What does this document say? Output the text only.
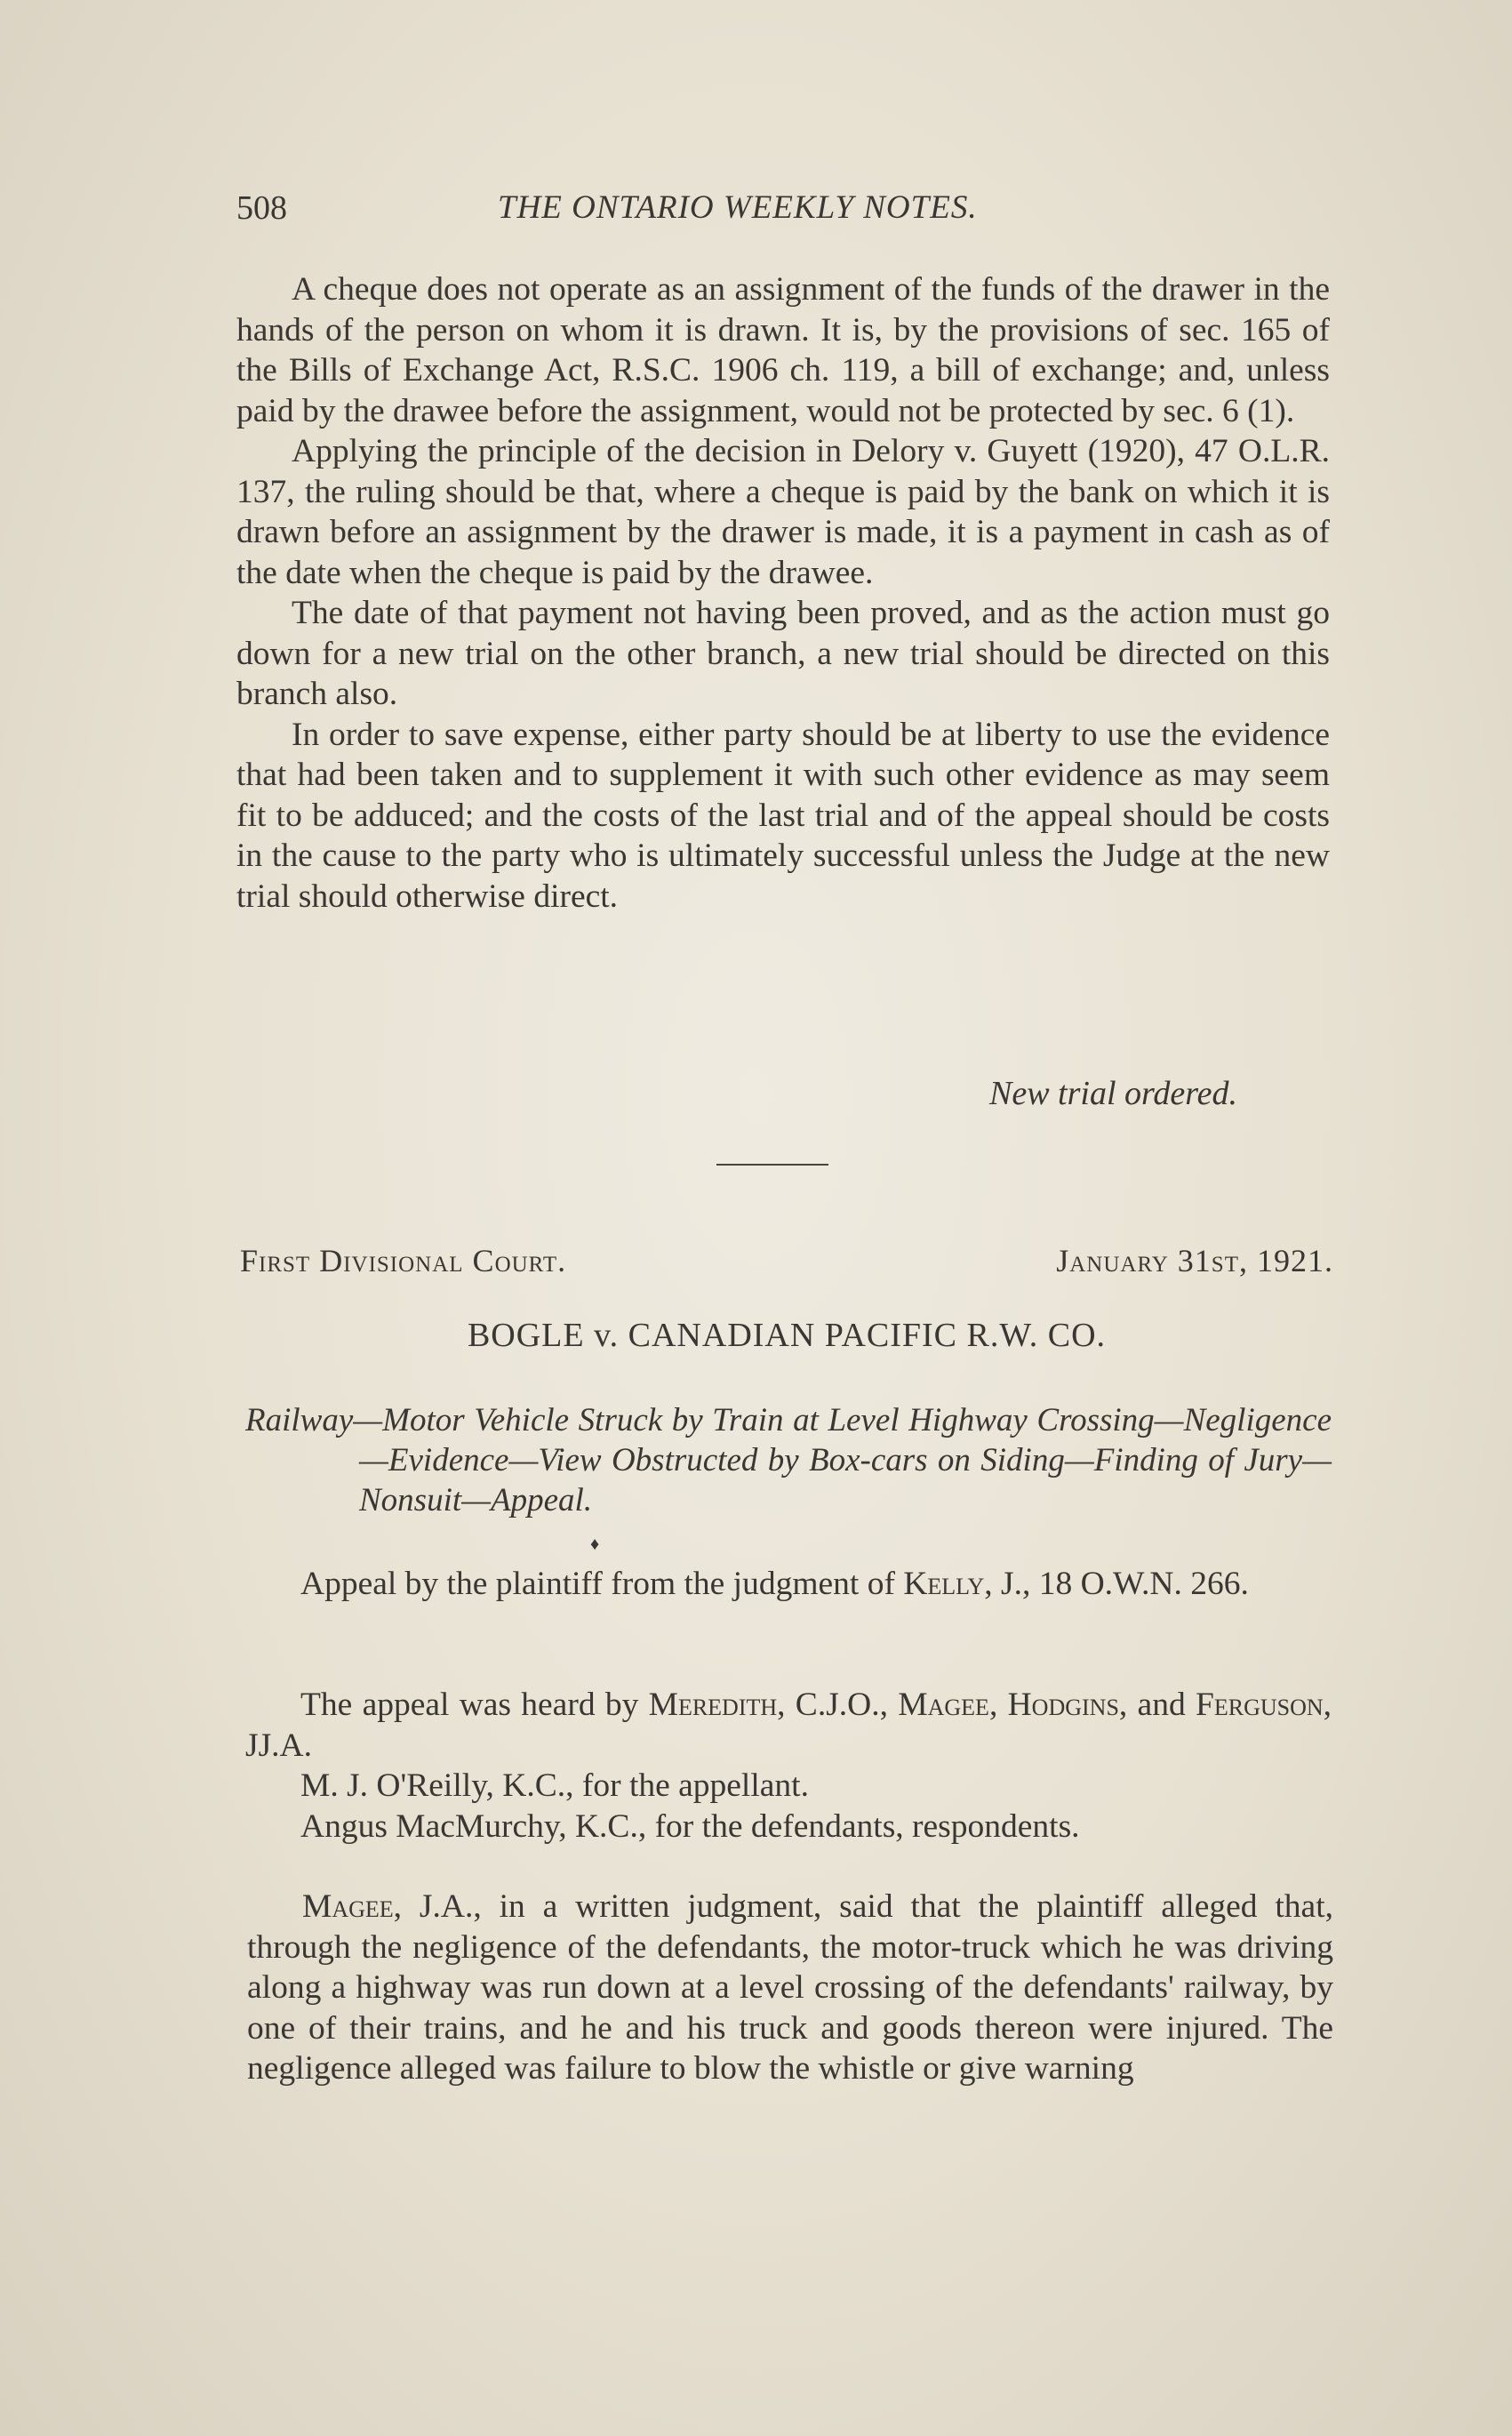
508	THE ONTARIO WEEKLY NOTES.

A cheque does not operate as an assignment of the funds of the drawer in the hands of the person on whom it is drawn. It is, by the provisions of sec. 165 of the Bills of Exchange Act, R.S.C. 1906 ch. 119, a bill of exchange; and, unless paid by the drawee before the assignment, would not be protected by sec. 6 (1).

Applying the principle of the decision in Delory v. Guyett (1920), 47 O.L.R. 137, the ruling should be that, where a cheque is paid by the bank on which it is drawn before an assignment by the drawer is made, it is a payment in cash as of the date when the cheque is paid by the drawee.

The date of that payment not having been proved, and as the action must go down for a new trial on the other branch, a new trial should be directed on this branch also.

In order to save expense, either party should be at liberty to use the evidence that had been taken and to supplement it with such other evidence as may seem fit to be adduced; and the costs of the last trial and of the appeal should be costs in the cause to the party who is ultimately successful unless the Judge at the new trial should otherwise direct.

New trial ordered.
First Divisional Court.	January 31st, 1921.
BOGLE v. CANADIAN PACIFIC R.W. CO.

Railway—Motor Vehicle Struck by Train at Level Highway Crossing—Negligence—Evidence—View Obstructed by Box-cars on Siding—Finding of Jury—Nonsuit—Appeal.

♦

Appeal by the plaintiff from the judgment of Kelly, J., 18 O.W.N. 266.

The appeal was heard by Meredith, C.J.O., Magee, Hodgins, and Ferguson, JJ.A.

M. J. O'Reilly, K.C., for the appellant.

Angus MacMurchy, K.C., for the defendants, respondents.

Magee, J.A., in a written judgment, said that the plaintiff alleged that, through the negligence of the defendants, the motor-truck which he was driving along a highway was run down at a level crossing of the defendants' railway, by one of their trains, and he and his truck and goods thereon were injured. The negligence alleged was failure to blow the whistle or give warning
